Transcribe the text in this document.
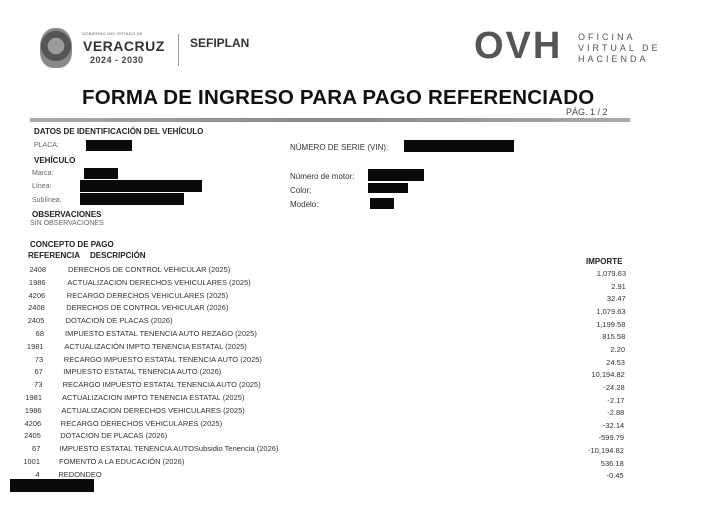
GOBIERNO DEL ESTADO DE
VERACRUZ
2024 - 2030
SEFIPLAN	OVH OFICINA
VIRTUAL DE
HACIENDA
FORMA DE INGRESO PARA PAGO REFERENCIADO
PÁG. 1 / 2
DATOS DE IDENTIFICACIÓN DEL VEHÍCULO
PLACA:	NÚMERO DE SERIE (VIN):
VEHÍCULO
Marca:
Línea:
Sublínea:
Número de motor:
Color:
Modelo:
OBSERVACIONES
SIN OBSERVACIONES
CONCEPTO DE PAGO
REFERENCIA DESCRIPCIÓN
IMPORTE
2408	DERECHOS DE CONTROL VEHICULAR (2025)	1,079.63
1986	ACTUALIZACION DERECHOS VEHICULARES (2025)	2.91
4206	RECARGO DERECHOS VEHICULARES (2025)	32.47
2408	DERECHOS DE CONTROL VEHICULAR (2026)	1,079.63
2405	DOTACION DE PLACAS (2026)	1,199.58
68	IMPUESTO ESTATAL TENENCIA AUTO REZAGO (2025)	815.58
1981	ACTUALIZACIÓN IMPTO TENENCIA ESTATAL (2025)	2.20
73	RECARGO IMPUESTO ESTATAL TENENCIA AUTO (2025)	24.53
67	IMPUESTO ESTATAL TENENCIA AUTO (2026)	10,194.82
73	RECARGO IMPUESTO ESTATAL TENENCIA AUTO (2025)	-24.28
1981	ACTUALIZACION IMPTO TENENCIA ESTATAL (2025)	-2.17
1986	ACTUALIZACION DERECHOS VEHICULARES (2025)	-2.88
4206	RECARGO DERECHOS VEHICULARES (2025)	-32.14
2405	DOTACION DE PLACAS (2026)	-599.79
67	IMPUESTO ESTATAL TENENCIA AUTOSubsidio Tenencia (2026)	-10,194.82
1001	FOMENTO A LA EDUCACIÓN (2026)	536.18
4	REDONDEO	-0.45
